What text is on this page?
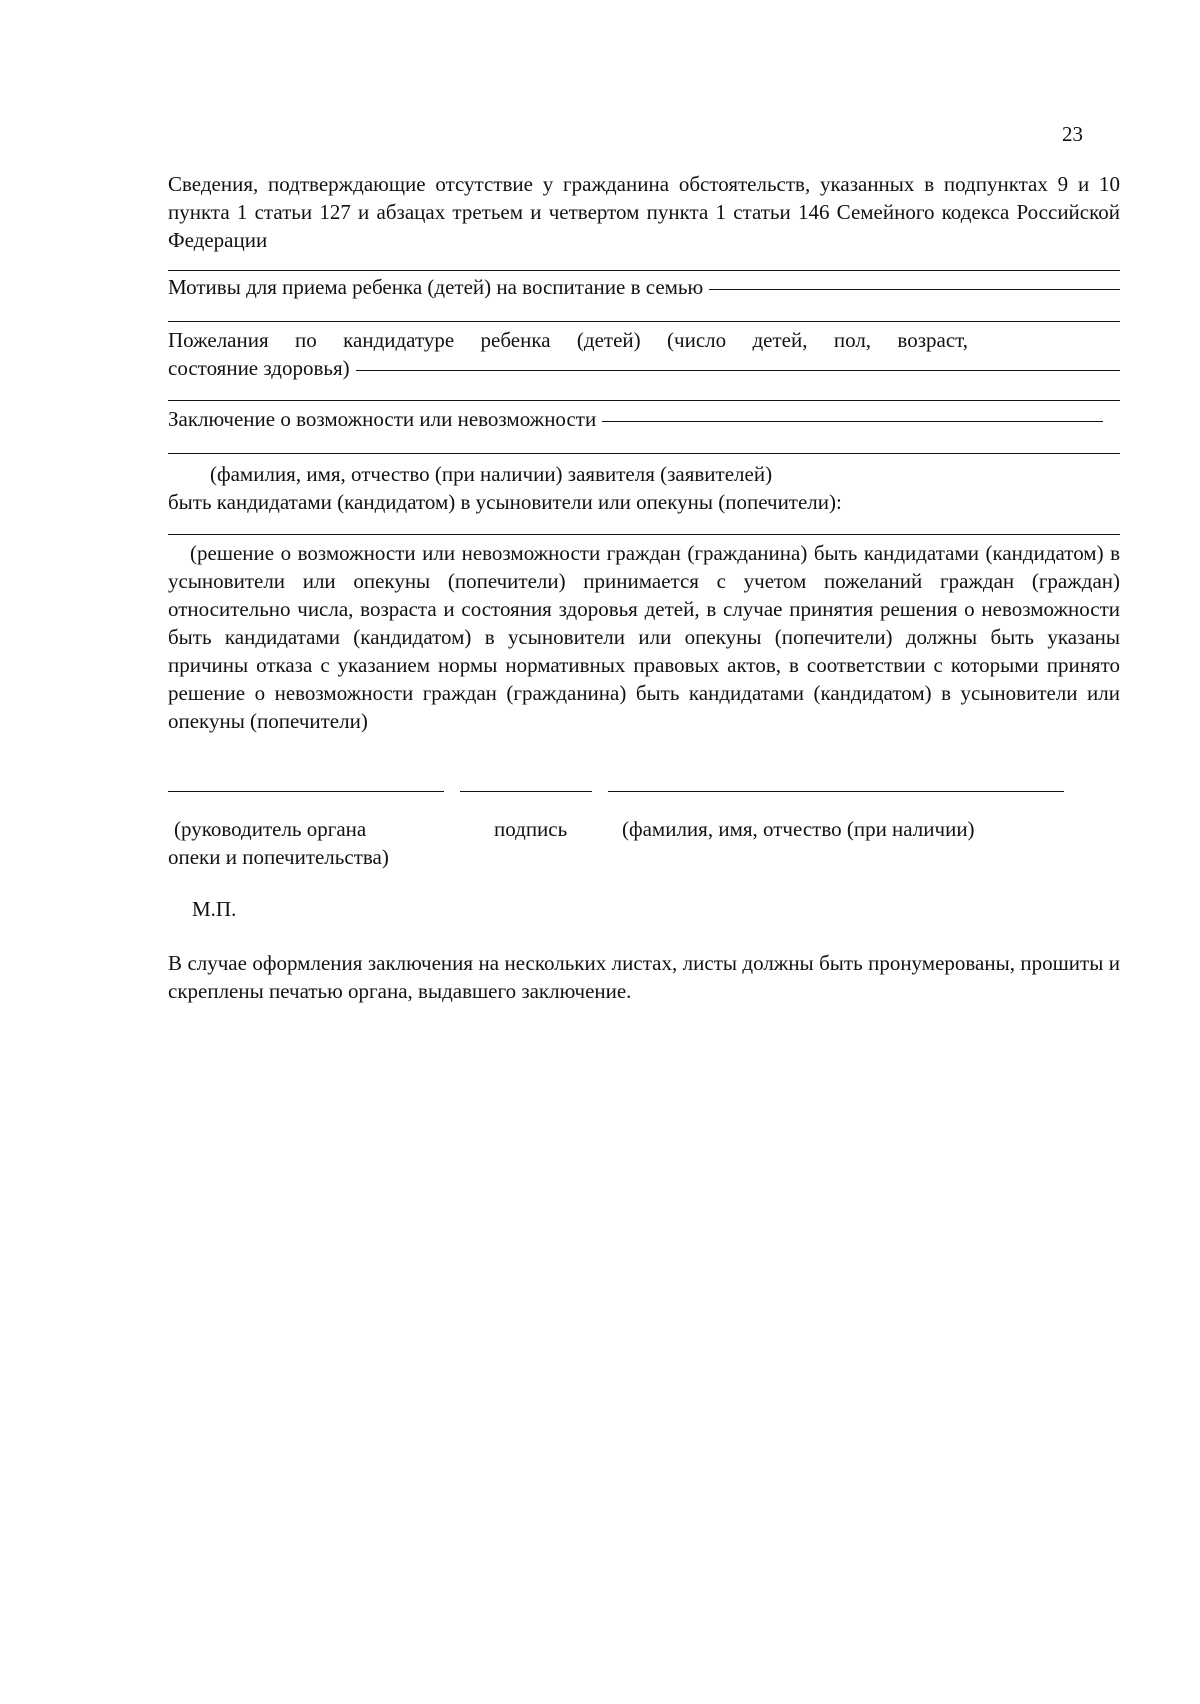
23

Сведения, подтверждающие отсутствие у гражданина обстоятельств, указанных в подпунктах 9 и 10 пункта 1 статьи 127 и абзацах третьем и четвертом пункта 1 статьи 146 Семейного кодекса Российской Федерации

Мотивы для приема ребенка (детей) на воспитание в семью
Пожелания по кандидатуре ребенка (детей) (число детей, пол, возраст,
состояние здоровья)
Заключение о возможности или невозможности
(фамилия, имя, отчество (при наличии) заявителя (заявителей)
быть кандидатами (кандидатом) в усыновители или опекуны (попечители):

(решение о возможности или невозможности граждан (гражданина) быть кандидатами (кандидатом) в усыновители или опекуны (попечители) принимается с учетом пожеланий граждан (граждан) относительно числа, возраста и состояния здоровья детей, в случае принятия решения о невозможности быть кандидатами (кандидатом) в усыновители или опекуны (попечители) должны быть указаны причины отказа с указанием нормы нормативных правовых актов, в соответствии с которыми принято решение о невозможности граждан (гражданина) быть кандидатами (кандидатом) в усыновители или опекуны (попечители)

(руководитель органа	подпись	(фамилия, имя, отчество (при наличии)
опеки и попечительства)
М.П.

В случае оформления заключения на нескольких листах, листы должны быть пронумерованы, прошиты и скреплены печатью органа, выдавшего заключение.
